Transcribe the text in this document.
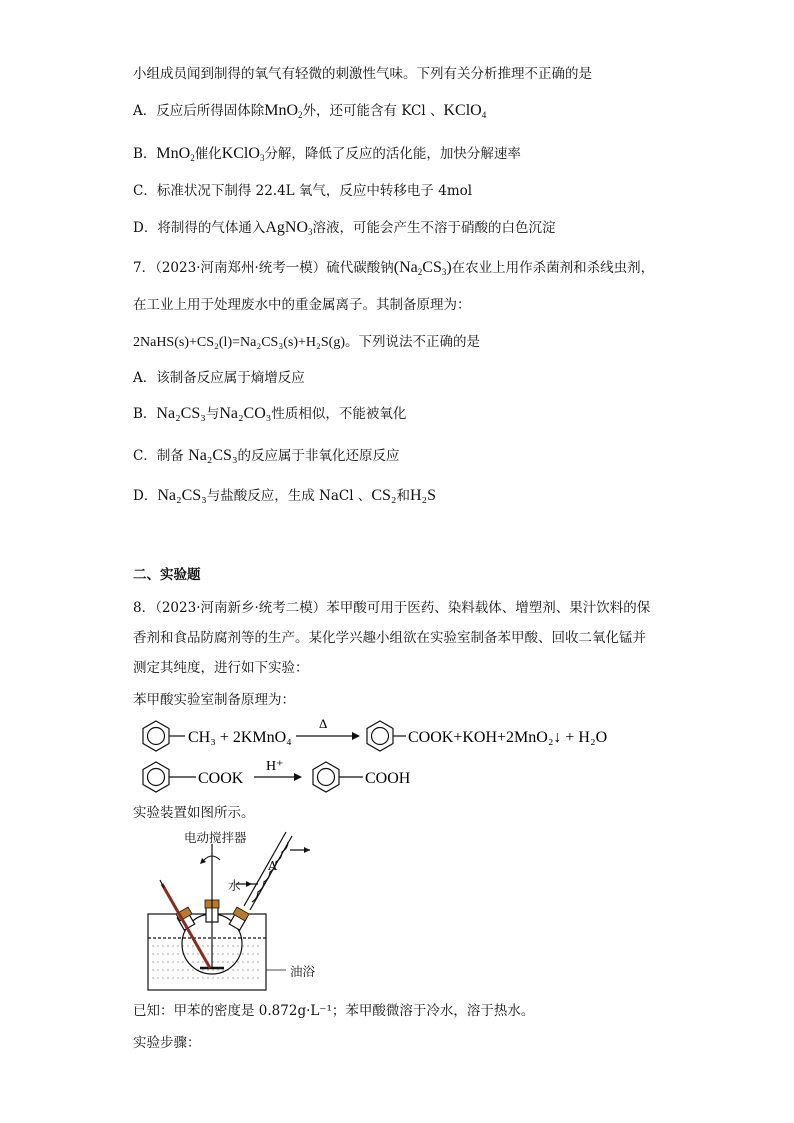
小组成员闻到制得的氧气有轻微的刺激性气味。下列有关分析推理不正确的是
A．反应后所得固体除MnO$_2$外，还可能含有 KCl 、KClO$_4$
B．MnO$_2$催化KClO$_3$分解，降低了反应的活化能，加快分解速率
C．标准状况下制得 22.4L 氧气，反应中转移电子 4mol
D．将制得的气体通入AgNO$_3$溶液，可能会产生不溶于硝酸的白色沉淀
7．（2023·河南郑州·统考一模）硫代碳酸钠$(Na_2CS_3)$在农业上用作杀菌剂和杀线虫剂，
在工业上用于处理废水中的重金属离子。其制备原理为：
2NaHS(s)+CS₂(l)=Na₂CS₃(s)+H₂S(g)。下列说法不正确的是
A．该制备反应属于熵增反应
B．Na₂CS₃与Na₂CO₃性质相似，不能被氧化
C．制备 Na₂CS₃的反应属于非氧化还原反应
D．Na₂CS₃与盐酸反应，生成 NaCl 、CS₂和H₂S
二、实验题
8．（2023·河南新乡·统考二模）苯甲酸可用于医药、染料载体、增塑剂、果汁饮料的保
香剂和食品防腐剂等的生产。某化学兴趣小组欲在实验室制备苯甲酸、回收二氧化锰并
测定其纯度，进行如下实验：
苯甲酸实验室制备原理为：
CH₃ + 2KMnO₄
Δ
COOK+KOH+2MnO₂↓ + H₂O
COOK
H⁺
COOH
实验装置如图所示。
电动搅拌器
水
A
油浴
已知：甲苯的密度是 0.872g·L⁻¹；苯甲酸微溶于冷水，溶于热水。
实验步骤：
